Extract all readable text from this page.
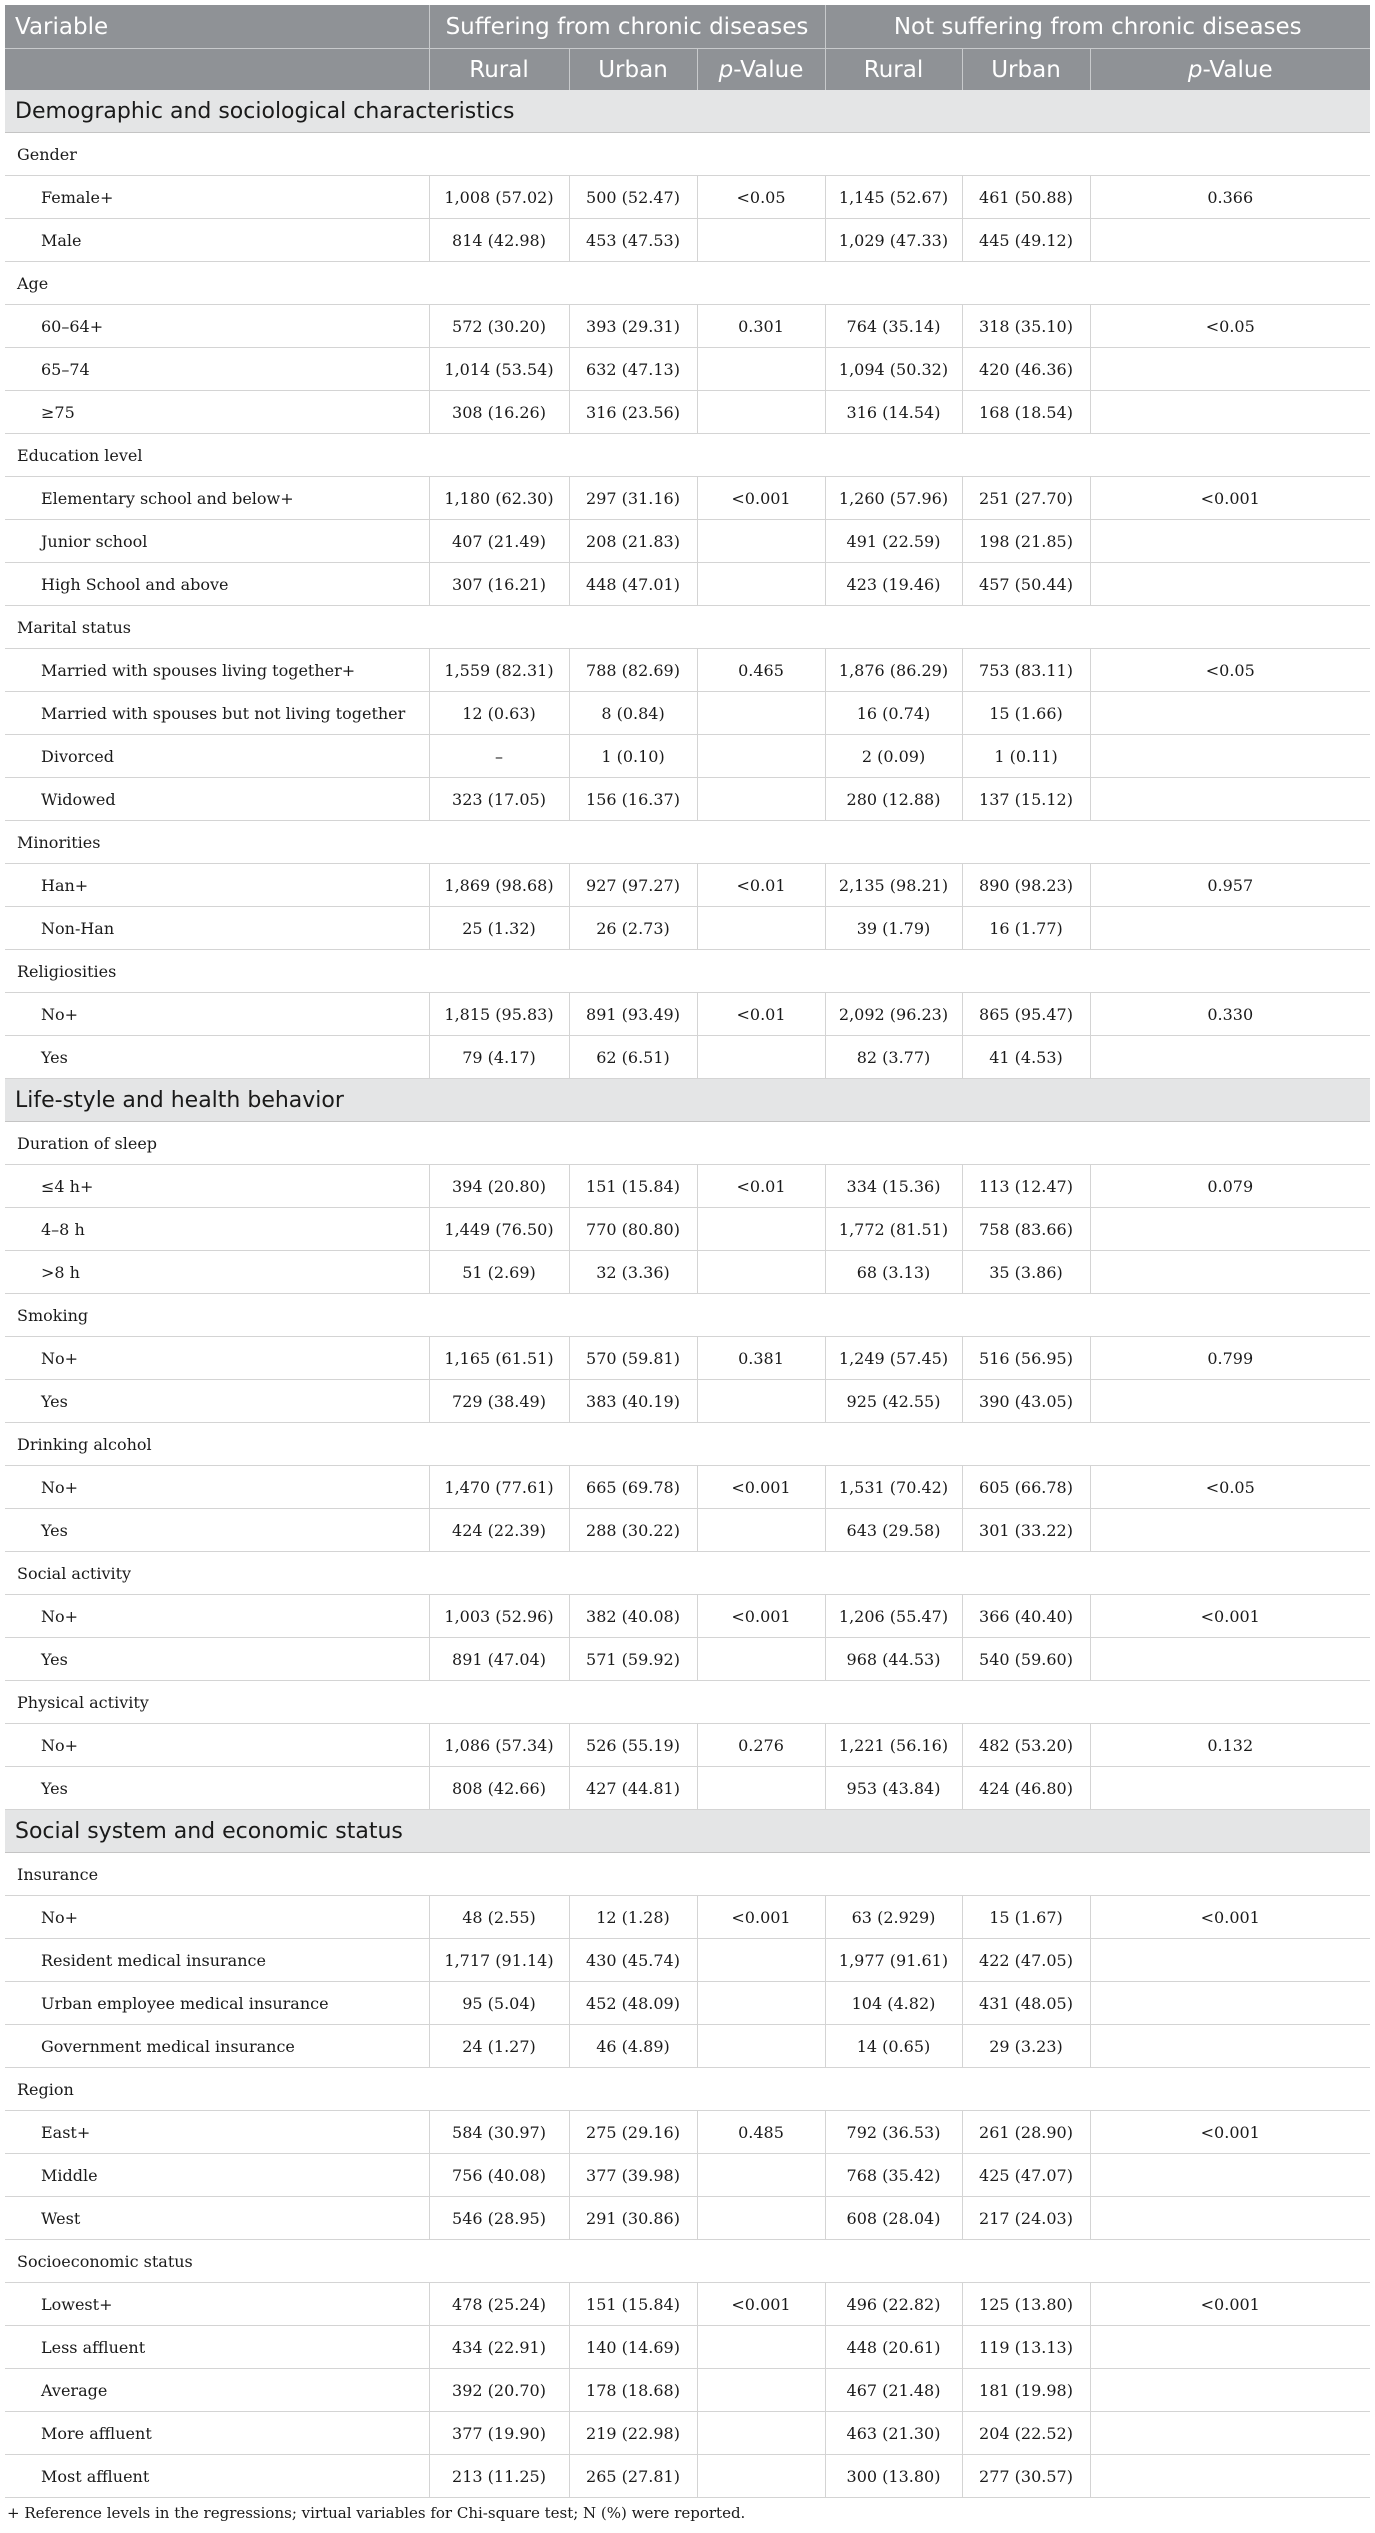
Variable	Suffering from chronic diseases			Not suffering from chronic diseases		
	Rural	Urban	p-Value	Rural	Urban	p-Value
Demographic and sociological characteristics						
Gender						
Female+	1,008 (57.02)	500 (52.47)	<0.05	1,145 (52.67)	461 (50.88)	0.366
Male	814 (42.98)	453 (47.53)		1,029 (47.33)	445 (49.12)	
Age						
60–64+	572 (30.20)	393 (29.31)	0.301	764 (35.14)	318 (35.10)	<0.05
65–74	1,014 (53.54)	632 (47.13)		1,094 (50.32)	420 (46.36)	
≥75	308 (16.26)	316 (23.56)		316 (14.54)	168 (18.54)	
Education level						
Elementary school and below+	1,180 (62.30)	297 (31.16)	<0.001	1,260 (57.96)	251 (27.70)	<0.001
Junior school	407 (21.49)	208 (21.83)		491 (22.59)	198 (21.85)	
High School and above	307 (16.21)	448 (47.01)		423 (19.46)	457 (50.44)	
Marital status						
Married with spouses living together+	1,559 (82.31)	788 (82.69)	0.465	1,876 (86.29)	753 (83.11)	<0.05
Married with spouses but not living together	12 (0.63)	8 (0.84)		16 (0.74)	15 (1.66)	
Divorced	–	1 (0.10)		2 (0.09)	1 (0.11)	
Widowed	323 (17.05)	156 (16.37)		280 (12.88)	137 (15.12)	
Minorities						
Han+	1,869 (98.68)	927 (97.27)	<0.01	2,135 (98.21)	890 (98.23)	0.957
Non-Han	25 (1.32)	26 (2.73)		39 (1.79)	16 (1.77)	
Religiosities						
No+	1,815 (95.83)	891 (93.49)	<0.01	2,092 (96.23)	865 (95.47)	0.330
Yes	79 (4.17)	62 (6.51)		82 (3.77)	41 (4.53)	
Life-style and health behavior						
Duration of sleep						
≤4 h+	394 (20.80)	151 (15.84)	<0.01	334 (15.36)	113 (12.47)	0.079
4–8 h	1,449 (76.50)	770 (80.80)		1,772 (81.51)	758 (83.66)	
>8 h	51 (2.69)	32 (3.36)		68 (3.13)	35 (3.86)	
Smoking						
No+	1,165 (61.51)	570 (59.81)	0.381	1,249 (57.45)	516 (56.95)	0.799
Yes	729 (38.49)	383 (40.19)		925 (42.55)	390 (43.05)	
Drinking alcohol						
No+	1,470 (77.61)	665 (69.78)	<0.001	1,531 (70.42)	605 (66.78)	<0.05
Yes	424 (22.39)	288 (30.22)		643 (29.58)	301 (33.22)	
Social activity						
No+	1,003 (52.96)	382 (40.08)	<0.001	1,206 (55.47)	366 (40.40)	<0.001
Yes	891 (47.04)	571 (59.92)		968 (44.53)	540 (59.60)	
Physical activity						
No+	1,086 (57.34)	526 (55.19)	0.276	1,221 (56.16)	482 (53.20)	0.132
Yes	808 (42.66)	427 (44.81)		953 (43.84)	424 (46.80)	
Social system and economic status						
Insurance						
No+	48 (2.55)	12 (1.28)	<0.001	63 (2.929)	15 (1.67)	<0.001
Resident medical insurance	1,717 (91.14)	430 (45.74)		1,977 (91.61)	422 (47.05)	
Urban employee medical insurance	95 (5.04)	452 (48.09)		104 (4.82)	431 (48.05)	
Government medical insurance	24 (1.27)	46 (4.89)		14 (0.65)	29 (3.23)	
Region						
East+	584 (30.97)	275 (29.16)	0.485	792 (36.53)	261 (28.90)	<0.001
Middle	756 (40.08)	377 (39.98)		768 (35.42)	425 (47.07)	
West	546 (28.95)	291 (30.86)		608 (28.04)	217 (24.03)	
Socioeconomic status						
Lowest+	478 (25.24)	151 (15.84)	<0.001	496 (22.82)	125 (13.80)	<0.001
Less affluent	434 (22.91)	140 (14.69)		448 (20.61)	119 (13.13)	
Average	392 (20.70)	178 (18.68)		467 (21.48)	181 (19.98)	
More affluent	377 (19.90)	219 (22.98)		463 (21.30)	204 (22.52)	
Most affluent	213 (11.25)	265 (27.81)		300 (13.80)	277 (30.57)	
+ Reference levels in the regressions; virtual variables for Chi-square test; N (%) were reported.
